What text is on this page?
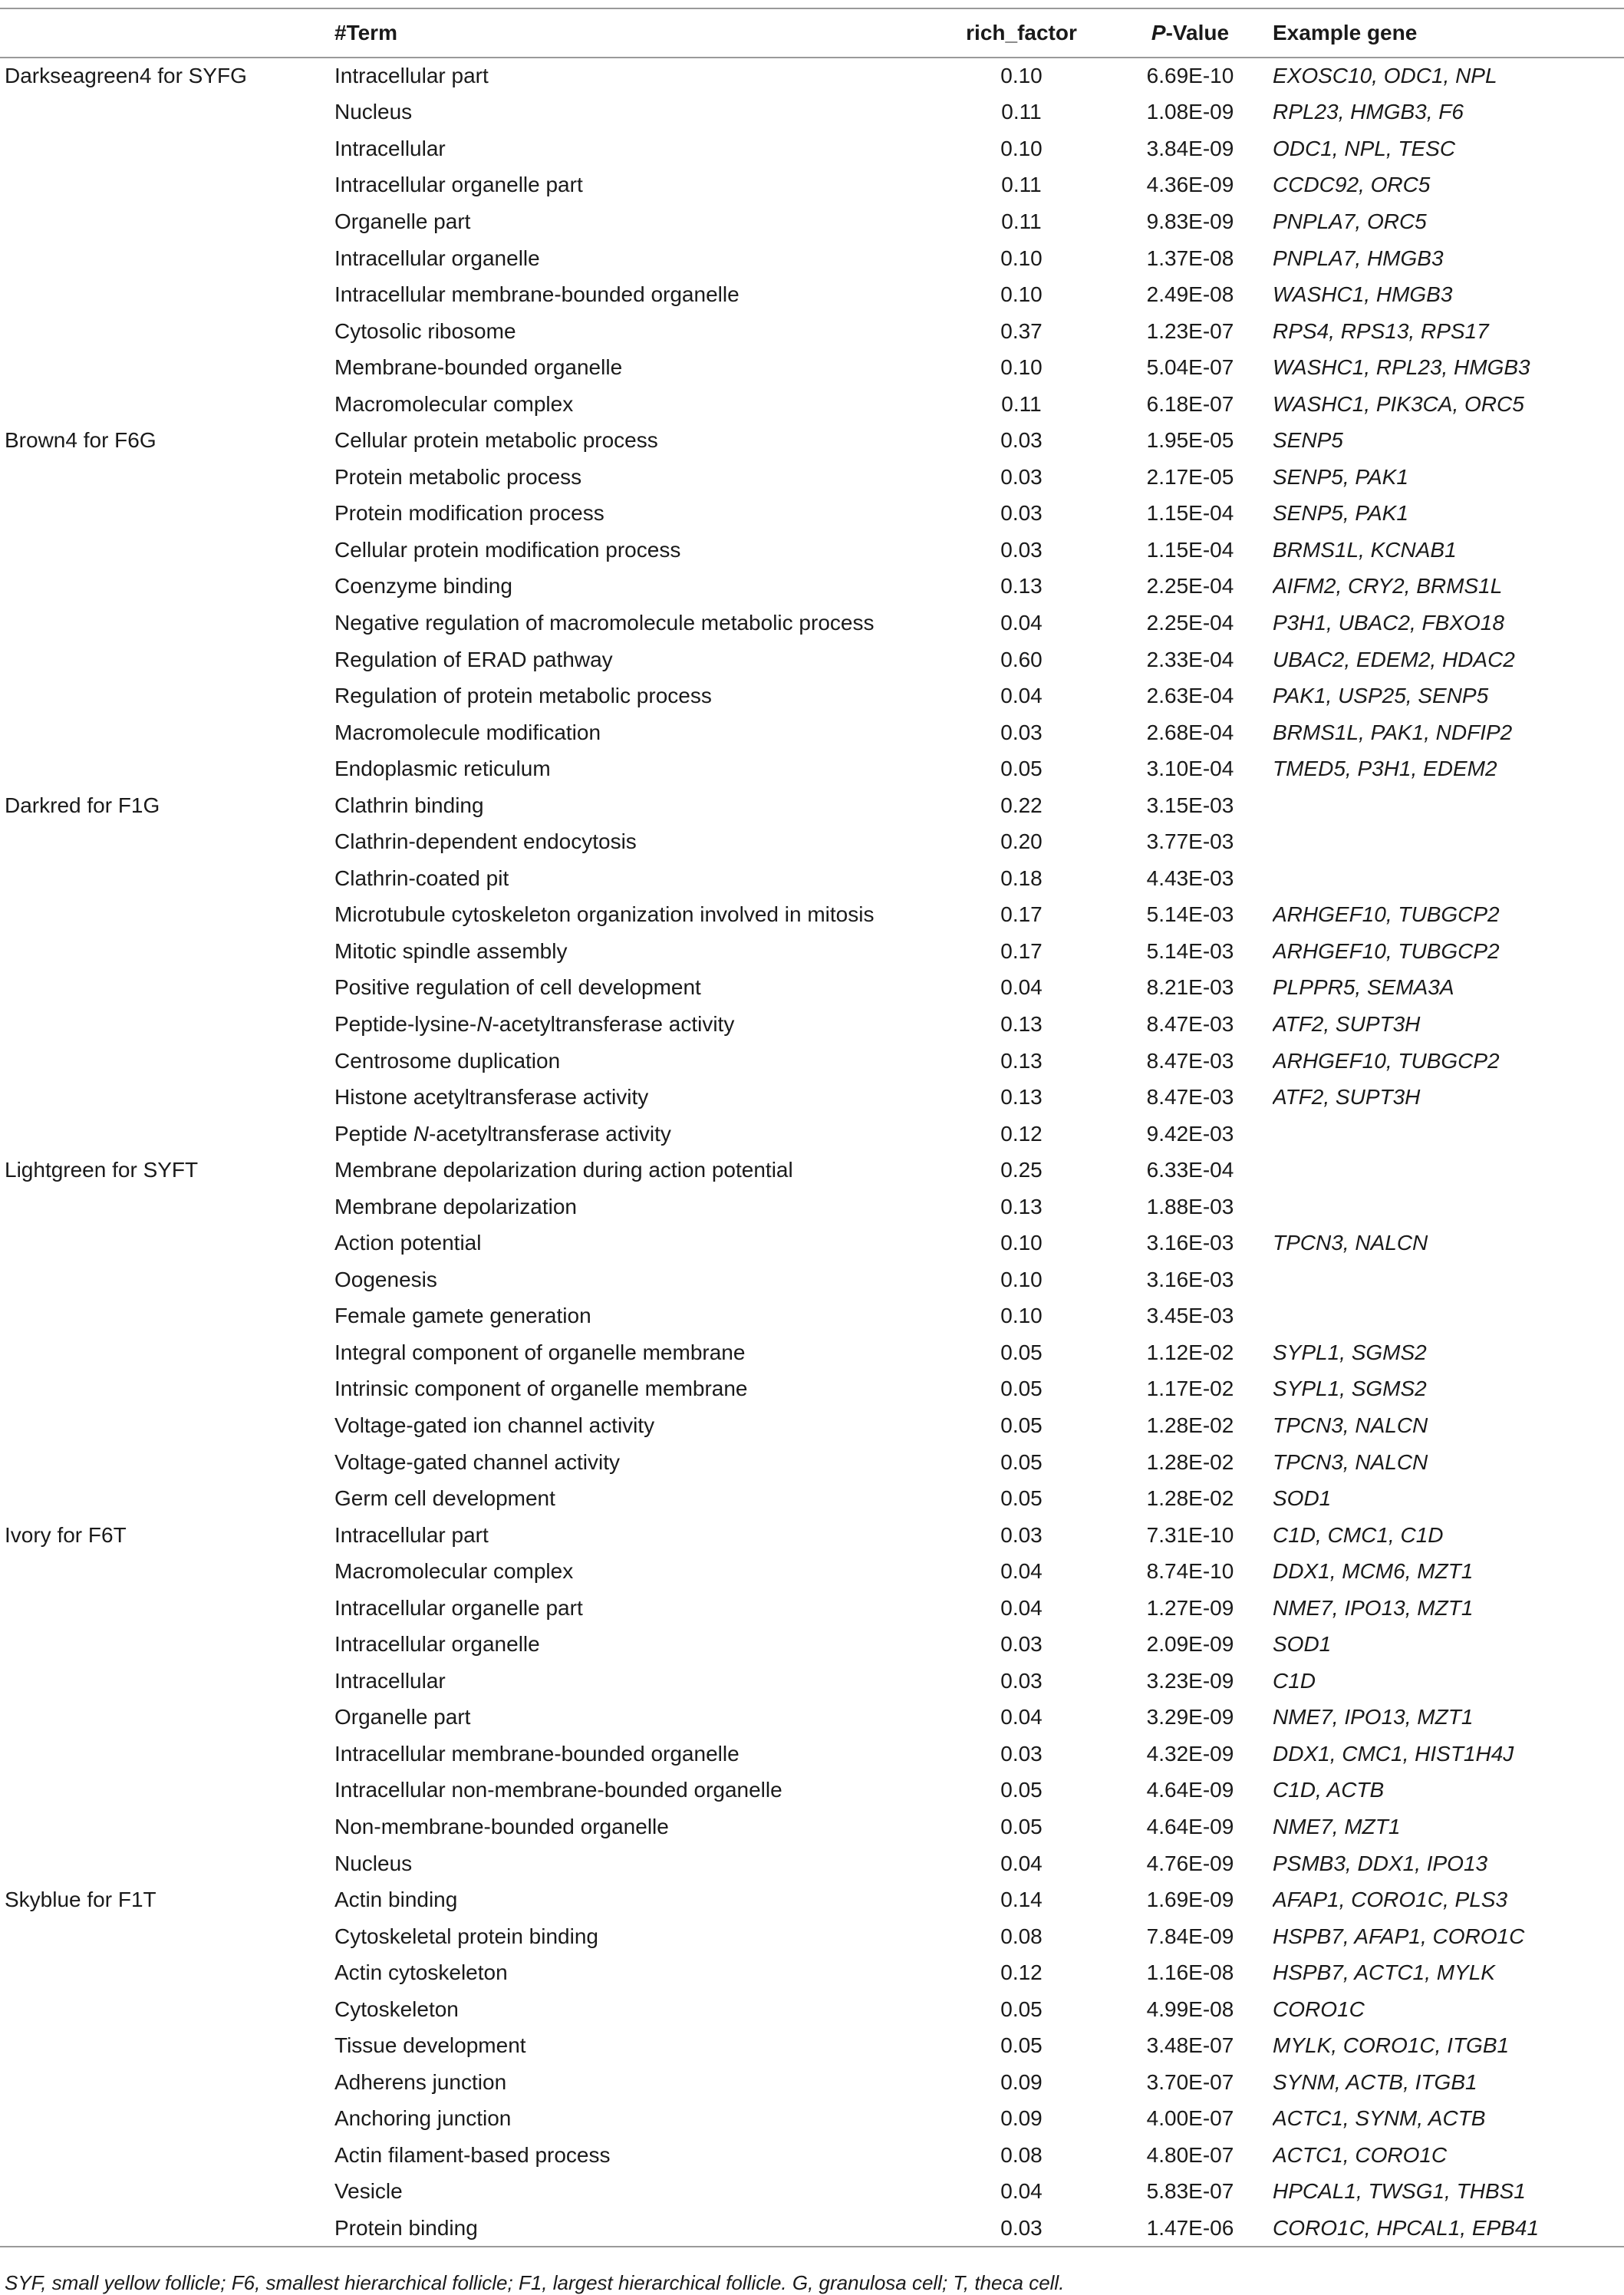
	#Term	rich_factor	P-Value	Example gene
Darkseagreen4 for SYFG	Intracellular part	0.10	6.69E-10	EXOSC10, ODC1, NPL
	Nucleus	0.11	1.08E-09	RPL23, HMGB3, F6
	Intracellular	0.10	3.84E-09	ODC1, NPL, TESC
	Intracellular organelle part	0.11	4.36E-09	CCDC92, ORC5
	Organelle part	0.11	9.83E-09	PNPLA7, ORC5
	Intracellular organelle	0.10	1.37E-08	PNPLA7, HMGB3
	Intracellular membrane-bounded organelle	0.10	2.49E-08	WASHC1, HMGB3
	Cytosolic ribosome	0.37	1.23E-07	RPS4, RPS13, RPS17
	Membrane-bounded organelle	0.10	5.04E-07	WASHC1, RPL23, HMGB3
	Macromolecular complex	0.11	6.18E-07	WASHC1, PIK3CA, ORC5
Brown4 for F6G	Cellular protein metabolic process	0.03	1.95E-05	SENP5
	Protein metabolic process	0.03	2.17E-05	SENP5, PAK1
	Protein modification process	0.03	1.15E-04	SENP5, PAK1
	Cellular protein modification process	0.03	1.15E-04	BRMS1L, KCNAB1
	Coenzyme binding	0.13	2.25E-04	AIFM2, CRY2, BRMS1L
	Negative regulation of macromolecule metabolic process	0.04	2.25E-04	P3H1, UBAC2, FBXO18
	Regulation of ERAD pathway	0.60	2.33E-04	UBAC2, EDEM2, HDAC2
	Regulation of protein metabolic process	0.04	2.63E-04	PAK1, USP25, SENP5
	Macromolecule modification	0.03	2.68E-04	BRMS1L, PAK1, NDFIP2
	Endoplasmic reticulum	0.05	3.10E-04	TMED5, P3H1, EDEM2
Darkred for F1G	Clathrin binding	0.22	3.15E-03	
	Clathrin-dependent endocytosis	0.20	3.77E-03	
	Clathrin-coated pit	0.18	4.43E-03	
	Microtubule cytoskeleton organization involved in mitosis	0.17	5.14E-03	ARHGEF10, TUBGCP2
	Mitotic spindle assembly	0.17	5.14E-03	ARHGEF10, TUBGCP2
	Positive regulation of cell development	0.04	8.21E-03	PLPPR5, SEMA3A
	Peptide-lysine-N-acetyltransferase activity	0.13	8.47E-03	ATF2, SUPT3H
	Centrosome duplication	0.13	8.47E-03	ARHGEF10, TUBGCP2
	Histone acetyltransferase activity	0.13	8.47E-03	ATF2, SUPT3H
	Peptide N-acetyltransferase activity	0.12	9.42E-03	
Lightgreen for SYFT	Membrane depolarization during action potential	0.25	6.33E-04	
	Membrane depolarization	0.13	1.88E-03	
	Action potential	0.10	3.16E-03	TPCN3, NALCN
	Oogenesis	0.10	3.16E-03	
	Female gamete generation	0.10	3.45E-03	
	Integral component of organelle membrane	0.05	1.12E-02	SYPL1, SGMS2
	Intrinsic component of organelle membrane	0.05	1.17E-02	SYPL1, SGMS2
	Voltage-gated ion channel activity	0.05	1.28E-02	TPCN3, NALCN
	Voltage-gated channel activity	0.05	1.28E-02	TPCN3, NALCN
	Germ cell development	0.05	1.28E-02	SOD1
Ivory for F6T	Intracellular part	0.03	7.31E-10	C1D, CMC1, C1D
	Macromolecular complex	0.04	8.74E-10	DDX1, MCM6, MZT1
	Intracellular organelle part	0.04	1.27E-09	NME7, IPO13, MZT1
	Intracellular organelle	0.03	2.09E-09	SOD1
	Intracellular	0.03	3.23E-09	C1D
	Organelle part	0.04	3.29E-09	NME7, IPO13, MZT1
	Intracellular membrane-bounded organelle	0.03	4.32E-09	DDX1, CMC1, HIST1H4J
	Intracellular non-membrane-bounded organelle	0.05	4.64E-09	C1D, ACTB
	Non-membrane-bounded organelle	0.05	4.64E-09	NME7, MZT1
	Nucleus	0.04	4.76E-09	PSMB3, DDX1, IPO13
Skyblue for F1T	Actin binding	0.14	1.69E-09	AFAP1, CORO1C, PLS3
	Cytoskeletal protein binding	0.08	7.84E-09	HSPB7, AFAP1, CORO1C
	Actin cytoskeleton	0.12	1.16E-08	HSPB7, ACTC1, MYLK
	Cytoskeleton	0.05	4.99E-08	CORO1C
	Tissue development	0.05	3.48E-07	MYLK, CORO1C, ITGB1
	Adherens junction	0.09	3.70E-07	SYNM, ACTB, ITGB1
	Anchoring junction	0.09	4.00E-07	ACTC1, SYNM, ACTB
	Actin filament-based process	0.08	4.80E-07	ACTC1, CORO1C
	Vesicle	0.04	5.83E-07	HPCAL1, TWSG1, THBS1
	Protein binding	0.03	1.47E-06	CORO1C, HPCAL1, EPB41
SYF, small yellow follicle; F6, smallest hierarchical follicle; F1, largest hierarchical follicle. G, granulosa cell; T, theca cell.
